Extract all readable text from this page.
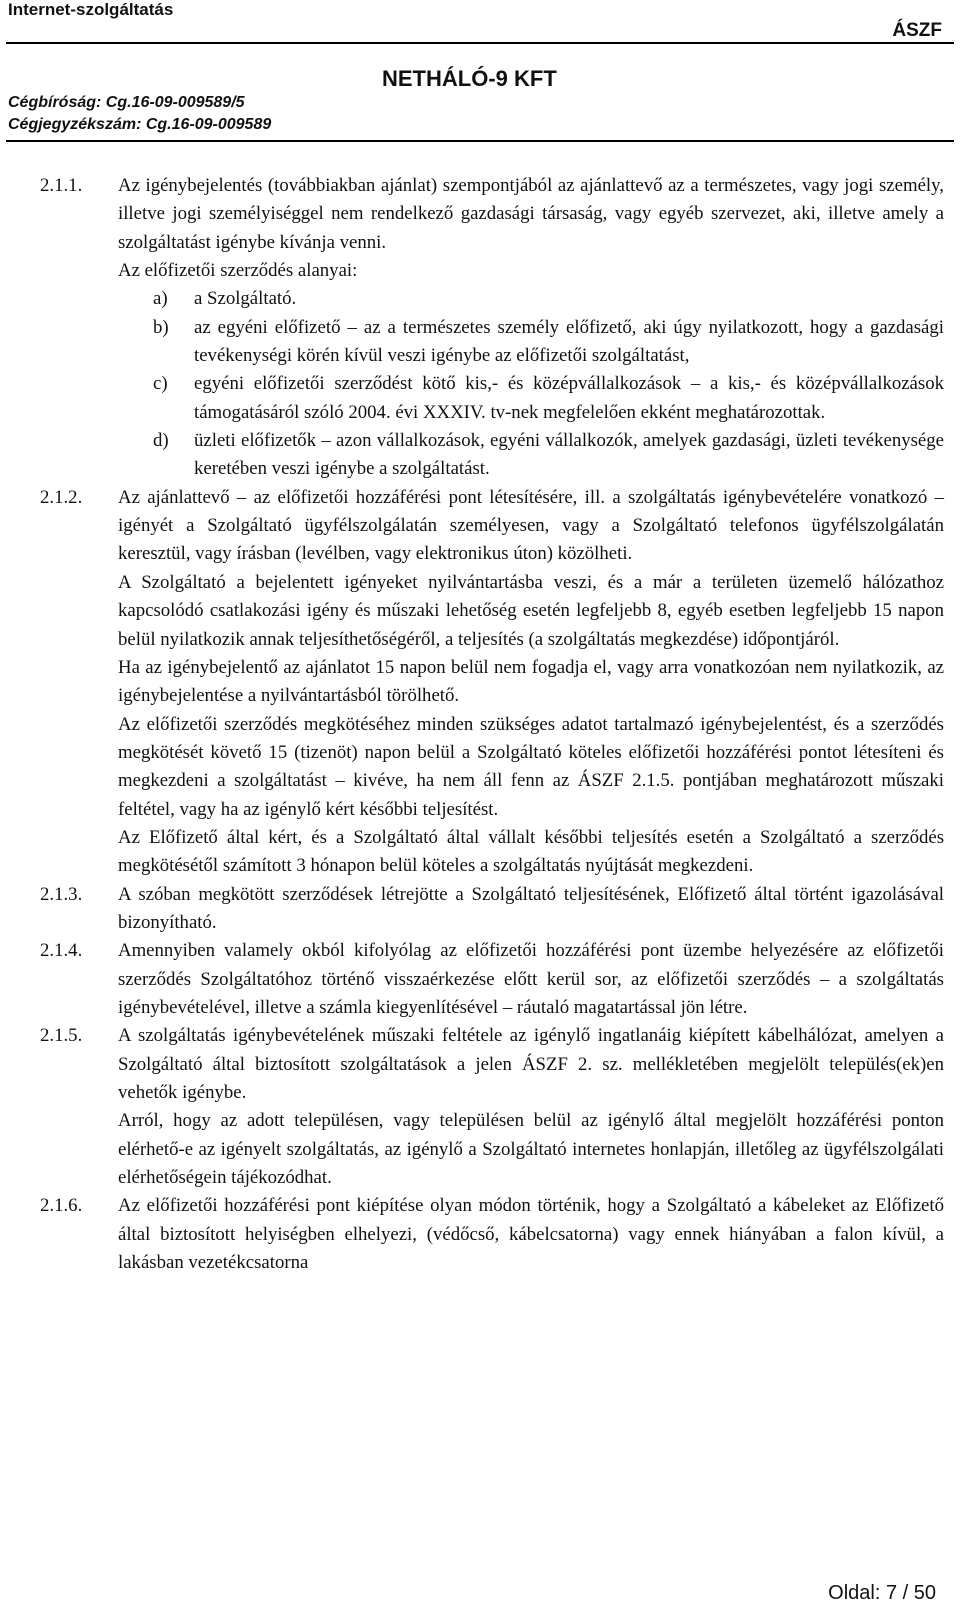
Internet-szolgáltatás
ÁSZF
NETHÁLÓ-9 KFT
Cégbíróság: Cg.16-09-009589/5
Cégjegyzékszám: Cg.16-09-009589
2.1.1. Az igénybejelentés (továbbiakban ajánlat) szempontjából az ajánlattevő az a természetes, vagy jogi személy, illetve jogi személyiséggel nem rendelkező gazdasági társaság, vagy egyéb szervezet, aki, illetve amely a szolgáltatást igénybe kívánja venni.
Az előfizetői szerződés alanyai:
a) a Szolgáltató.
b) az egyéni előfizető – az a természetes személy előfizető, aki úgy nyilatkozott, hogy a gazdasági tevékenységi körén kívül veszi igénybe az előfizetői szolgáltatást,
c) egyéni előfizetői szerződést kötő kis,- és középvállalkozások – a kis,- és középvállalkozások támogatásáról szóló 2004. évi XXXIV. tv-nek megfelelően ekként meghatározottak.
d) üzleti előfizetők – azon vállalkozások, egyéni vállalkozók, amelyek gazdasági, üzleti tevékenysége keretében veszi igénybe a szolgáltatást.
2.1.2. Az ajánlattevő – az előfizetői hozzáférési pont létesítésére, ill. a szolgáltatás igénybevételére vonatkozó – igényét a Szolgáltató ügyfélszolgálatán személyesen, vagy a Szolgáltató telefonos ügyfélszolgálatán keresztül, vagy írásban (levélben, vagy elektronikus úton) közölheti.
A Szolgáltató a bejelentett igényeket nyilvántartásba veszi, és a már a területen üzemelő hálózathoz kapcsolódó csatlakozási igény és műszaki lehetőség esetén legfeljebb 8, egyéb esetben legfeljebb 15 napon belül nyilatkozik annak teljesíthetőségéről, a teljesítés (a szolgáltatás megkezdése) időpontjáról.
Ha az igénybejelentő az ajánlatot 15 napon belül nem fogadja el, vagy arra vonatkozóan nem nyilatkozik, az igénybejelentése a nyilvántartásból törölhető.
Az előfizetői szerződés megkötéséhez minden szükséges adatot tartalmazó igénybejelentést, és a szerződés megkötését követő 15 (tizenöt) napon belül a Szolgáltató köteles előfizetői hozzáférési pontot létesíteni és megkezdeni a szolgáltatást – kivéve, ha nem áll fenn az ÁSZF 2.1.5. pontjában meghatározott műszaki feltétel, vagy ha az igénylő kért későbbi teljesítést.
Az Előfizető által kért, és a Szolgáltató által vállalt későbbi teljesítés esetén a Szolgáltató a szerződés megkötésétől számított 3 hónapon belül köteles a szolgáltatás nyújtását megkezdeni.
2.1.3. A szóban megkötött szerződések létrejötte a Szolgáltató teljesítésének, Előfizető által történt igazolásával bizonyítható.
2.1.4. Amennyiben valamely okból kifolyólag az előfizetői hozzáférési pont üzembe helyezésére az előfizetői szerződés Szolgáltatóhoz történő visszaérkezése előtt kerül sor, az előfizetői szerződés – a szolgáltatás igénybevételével, illetve a számla kiegyenlítésével – ráutaló magatartással jön létre.
2.1.5. A szolgáltatás igénybevételének műszaki feltétele az igénylő ingatlanáig kiépített kábelhálózat, amelyen a Szolgáltató által biztosított szolgáltatások a jelen ÁSZF 2. sz. mellékletében megjelölt település(ek)en vehetők igénybe.
Arról, hogy az adott településen, vagy településen belül az igénylő által megjelölt hozzáférési ponton elérhető-e az igényelt szolgáltatás, az igénylő a Szolgáltató internetes honlapján, illetőleg az ügyfélszolgálati elérhetőségein tájékozódhat.
2.1.6. Az előfizetői hozzáférési pont kiépítése olyan módon történik, hogy a Szolgáltató a kábeleket az Előfizető által biztosított helyiségben elhelyezi, (védőcső, kábelcsatorna) vagy ennek hiányában a falon kívül, a lakásban vezetékcsatorna
Oldal: 7 / 50
